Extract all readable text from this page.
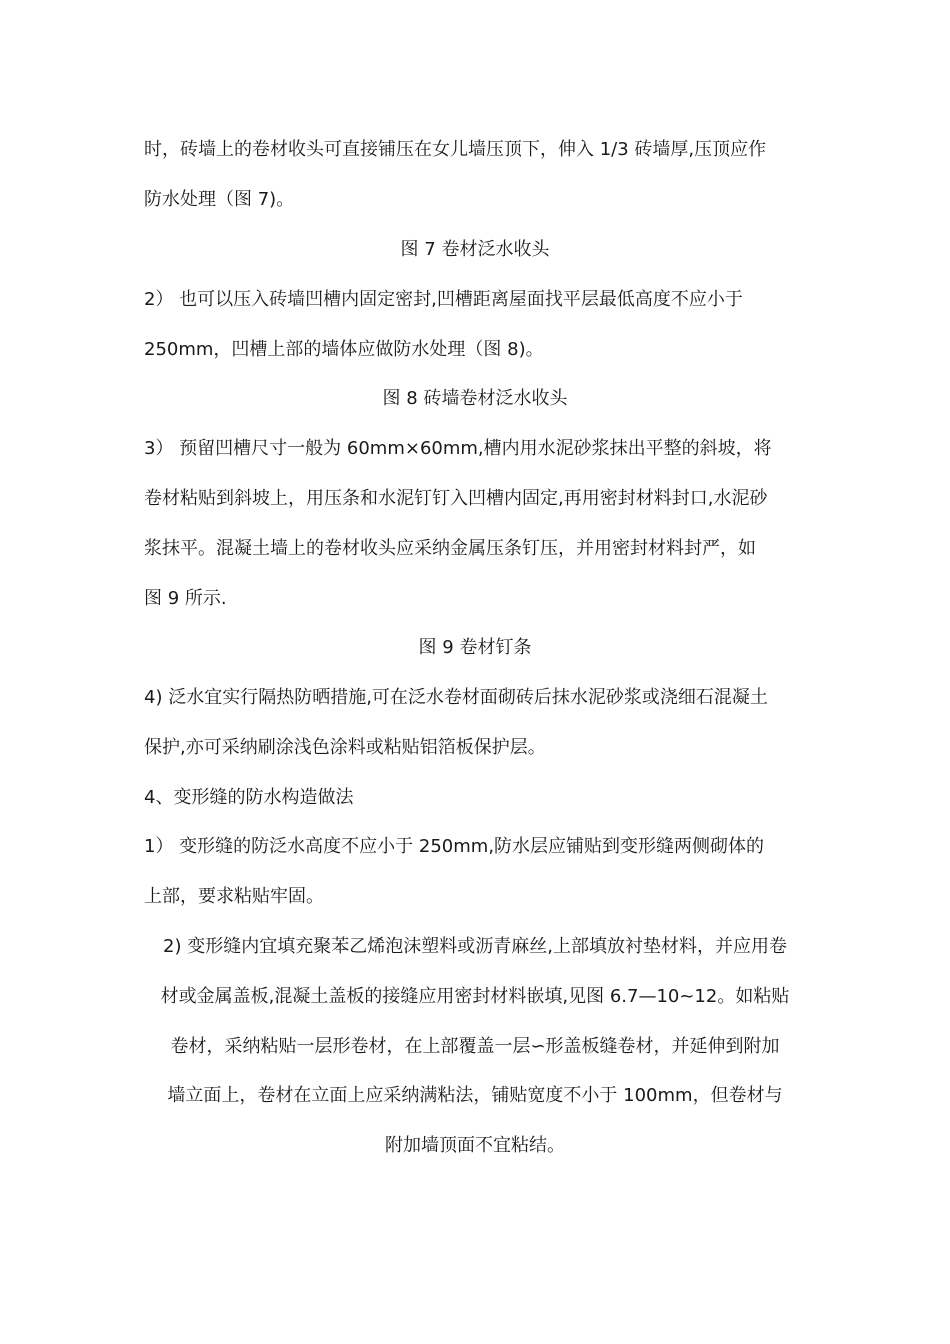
时，砖墙上的卷材收头可直接铺压在女儿墙压顶下，伸入 1/3 砖墙厚,压顶应作
防水处理（图 7)。
图 7 卷材泛水收头
2） 也可以压入砖墙凹槽内固定密封,凹槽距离屋面找平层最低高度不应小于
250mm，凹槽上部的墙体应做防水处理（图 8)。
图 8 砖墙卷材泛水收头
3） 预留凹槽尺寸一般为 60mm×60mm,槽内用水泥砂浆抹出平整的斜坡，将
卷材粘贴到斜坡上，用压条和水泥钉钉入凹槽内固定,再用密封材料封口,水泥砂
浆抹平。混凝土墙上的卷材收头应采纳金属压条钉压，并用密封材料封严，如
图 9 所示.
图 9 卷材钉条
4) 泛水宜实行隔热防晒措施,可在泛水卷材面砌砖后抹水泥砂浆或浇细石混凝土
保护,亦可采纳刷涂浅色涂料或粘贴铝箔板保护层。
4、变形缝的防水构造做法
1） 变形缝的防泛水高度不应小于 250mm,防水层应铺贴到变形缝两侧砌体的
上部，要求粘贴牢固。
2) 变形缝内宜填充聚苯乙烯泡沫塑料或沥青麻丝,上部填放衬垫材料，并应用卷
材或金属盖板,混凝土盖板的接缝应用密封材料嵌填,见图 6.7—10~12。如粘贴
卷材，采纳粘贴一层形卷材，在上部覆盖一层∽形盖板缝卷材，并延伸到附加
墙立面上，卷材在立面上应采纳满粘法，铺贴宽度不小于 100mm，但卷材与
附加墙顶面不宜粘结。
